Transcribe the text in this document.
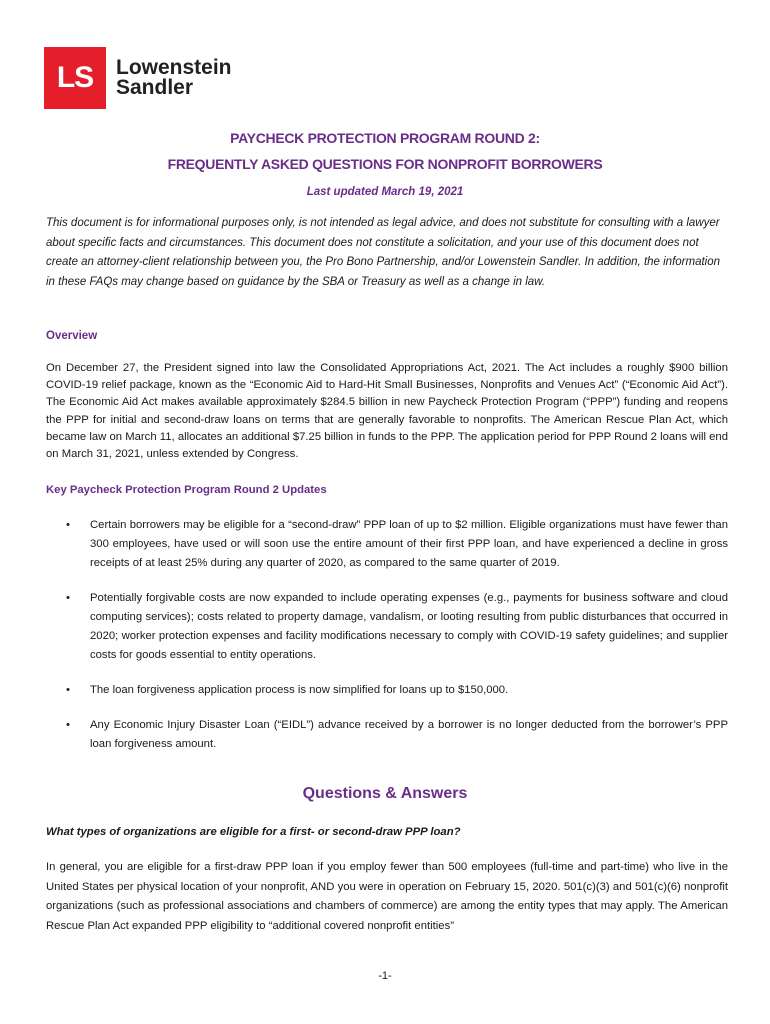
LS	Lowenstein
Sandler
PAYCHECK PROTECTION PROGRAM ROUND 2:
FREQUENTLY ASKED QUESTIONS FOR NONPROFIT BORROWERS
Last updated March 19, 2021
This document is for informational purposes only, is not intended as legal advice, and does not substitute for consulting with a lawyer about specific facts and circumstances. This document does not constitute a solicitation, and your use of this document does not create an attorney-client relationship between you, the Pro Bono Partnership, and/or Lowenstein Sandler. In addition, the information in these FAQs may change based on guidance by the SBA or Treasury as well as a change in law.
Overview
On December 27, the President signed into law the Consolidated Appropriations Act, 2021. The Act includes a roughly $900 billion COVID-19 relief package, known as the “Economic Aid to Hard-Hit Small Businesses, Nonprofits and Venues Act” (“Economic Aid Act”). The Economic Aid Act makes available approximately $284.5 billion in new Paycheck Protection Program (“PPP”) funding and reopens the PPP for initial and second-draw loans on terms that are generally favorable to nonprofits. The American Rescue Plan Act, which became law on March 11, allocates an additional $7.25 billion in funds to the PPP. The application period for PPP Round 2 loans will end on March 31, 2021, unless extended by Congress.
Key Paycheck Protection Program Round 2 Updates
• Certain borrowers may be eligible for a “second-draw” PPP loan of up to $2 million. Eligible organizations must have fewer than 300 employees, have used or will soon use the entire amount of their first PPP loan, and have experienced a decline in gross receipts of at least 25% during any quarter of 2020, as compared to the same quarter of 2019.
• Potentially forgivable costs are now expanded to include operating expenses (e.g., payments for business software and cloud computing services); costs related to property damage, vandalism, or looting resulting from public disturbances that occurred in 2020; worker protection expenses and facility modifications necessary to comply with COVID-19 safety guidelines; and supplier costs for goods essential to entity operations.
• The loan forgiveness application process is now simplified for loans up to $150,000.
• Any Economic Injury Disaster Loan (“EIDL”) advance received by a borrower is no longer deducted from the borrower’s PPP loan forgiveness amount.
Questions & Answers
What types of organizations are eligible for a first- or second-draw PPP loan?
In general, you are eligible for a first-draw PPP loan if you employ fewer than 500 employees (full-time and part-time) who live in the United States per physical location of your nonprofit, AND you were in operation on February 15, 2020. 501(c)(3) and 501(c)(6) nonprofit organizations (such as professional associations and chambers of commerce) are among the entity types that may apply. The American Rescue Plan Act expanded PPP eligibility to “additional covered nonprofit entities”
-1-
